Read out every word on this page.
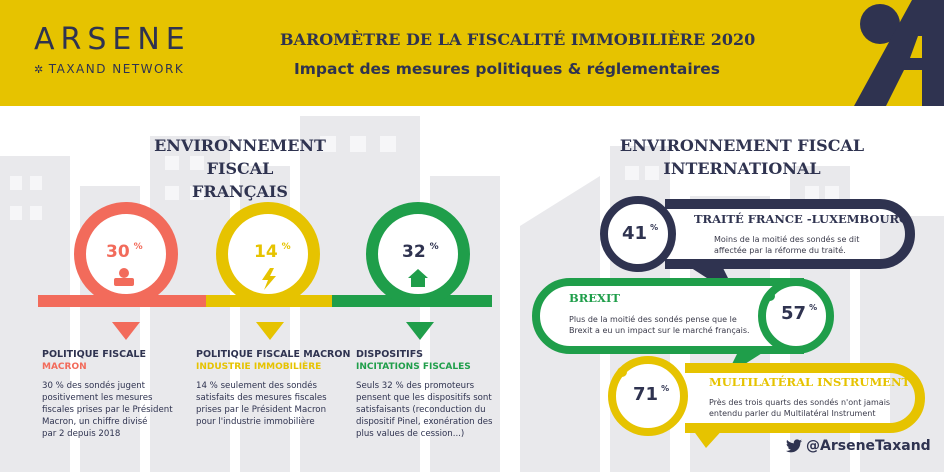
ARSENE
✲ TAXAND NETWORK
BAROMÈTRE DE LA FISCALITÉ IMMOBILIÈRE 2020
Impact des mesures politiques & réglementaires
ENVIRONNEMENT FISCAL
FRANÇAIS
30 %	14 %	32 %
POLITIQUE FISCALE
MACRON
30 % des sondés jugent
positivement les mesures
fiscales prises par le Président
Macron, un chiffre divisé
par 2 depuis 2018
POLITIQUE FISCALE MACRON
INDUSTRIE IMMOBILIÈRE
14 % seulement des sondés
satisfaits des mesures fiscales
prises par le Président Macron
pour l'industrie immobilière
DISPOSITIFS
INCITATIONS FISCALES
Seuls 32 % des promoteurs
pensent que les dispositifs sont
satisfaisants (reconduction du
dispositif Pinel, exonération des
plus values de cession...)
ENVIRONNEMENT FISCAL
INTERNATIONAL
41 %
TRAITÉ FRANCE -LUXEMBOURG
Moins de la moitié des sondés se dit
affectée par la réforme du traité.
BREXIT
Plus de la moitié des sondés pense que le
Brexit a eu un impact sur le marché français.
57 %
71 %	MULTILATÉRAL INSTRUMENT
Près des trois quarts des sondés n'ont jamais
entendu parler du Multilatéral Instrument
@ArseneTaxand
